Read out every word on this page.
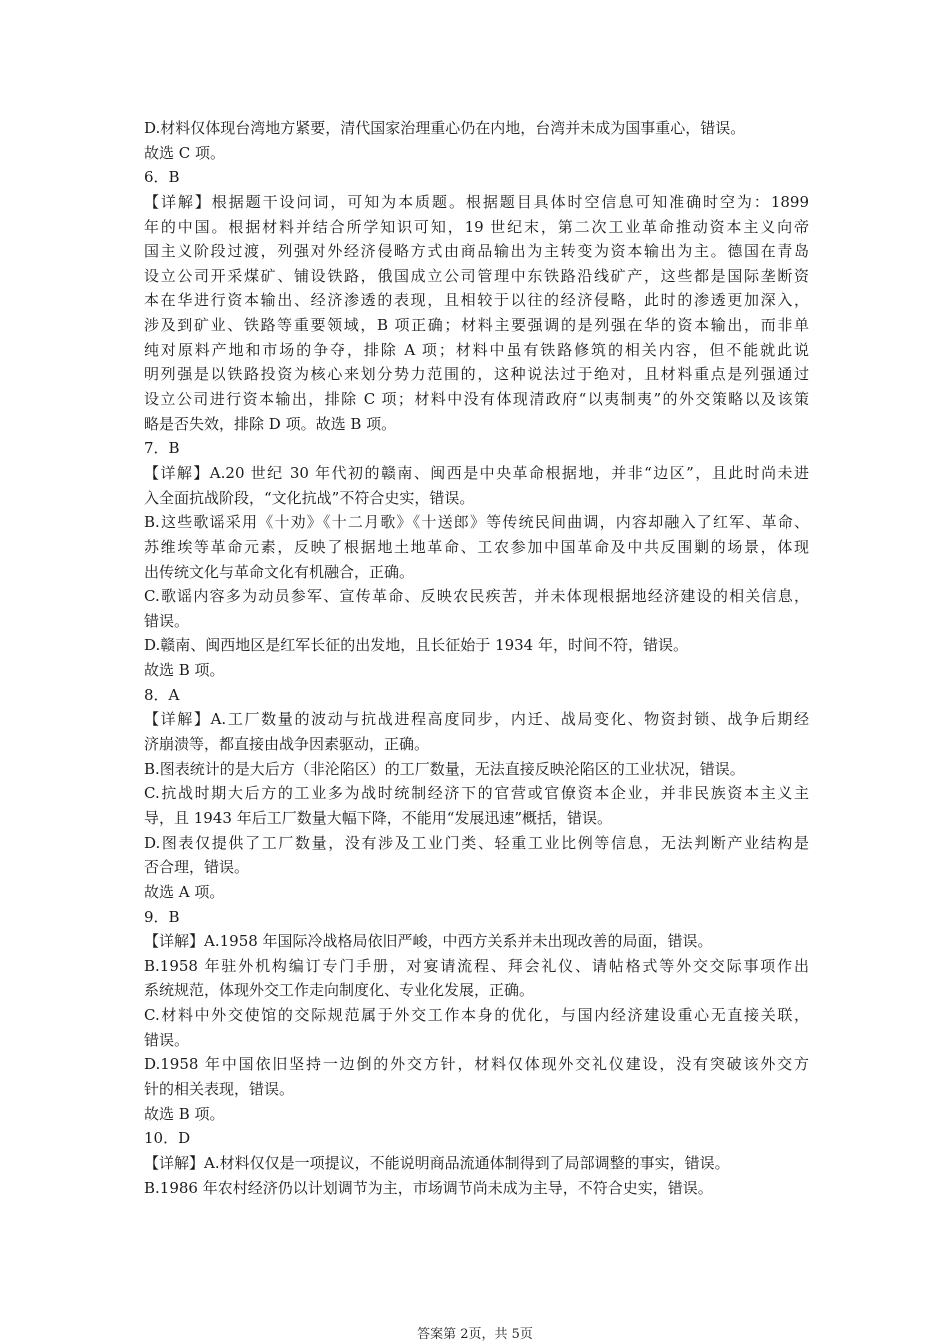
D.材料仅体现台湾地方紧要，清代国家治理重心仍在内地，台湾并未成为国事重心，错误。
故选 C 项。
6．B
【详解】根据题干设问词，可知为本质题。根据题目具体时空信息可知准确时空为：1899
年的中国。根据材料并结合所学知识可知，19 世纪末，第二次工业革命推动资本主义向帝
国主义阶段过渡，列强对外经济侵略方式由商品输出为主转变为资本输出为主。德国在青岛
设立公司开采煤矿、铺设铁路，俄国成立公司管理中东铁路沿线矿产，这些都是国际垄断资
本在华进行资本输出、经济渗透的表现，且相较于以往的经济侵略，此时的渗透更加深入，
涉及到矿业、铁路等重要领域，B 项正确；材料主要强调的是列强在华的资本输出，而非单
纯对原料产地和市场的争夺，排除 A 项；材料中虽有铁路修筑的相关内容，但不能就此说
明列强是以铁路投资为核心来划分势力范围的，这种说法过于绝对，且材料重点是列强通过
设立公司进行资本输出，排除 C 项；材料中没有体现清政府“以夷制夷”的外交策略以及该策
略是否失效，排除 D 项。故选 B 项。
7．B
【详解】A.20 世纪 30 年代初的赣南、闽西是中央革命根据地，并非“边区”，且此时尚未进
入全面抗战阶段，“文化抗战”不符合史实，错误。
B.这些歌谣采用《十劝》《十二月歌》《十送郎》等传统民间曲调，内容却融入了红军、革命、
苏维埃等革命元素，反映了根据地土地革命、工农参加中国革命及中共反围剿的场景，体现
出传统文化与革命文化有机融合，正确。
C.歌谣内容多为动员参军、宣传革命、反映农民疾苦，并未体现根据地经济建设的相关信息，
错误。
D.赣南、闽西地区是红军长征的出发地，且长征始于 1934 年，时间不符，错误。
故选 B 项。
8．A
【详解】A.工厂数量的波动与抗战进程高度同步，内迁、战局变化、物资封锁、战争后期经
济崩溃等，都直接由战争因素驱动，正确。
B.图表统计的是大后方（非沦陷区）的工厂数量，无法直接反映沦陷区的工业状况，错误。
C.抗战时期大后方的工业多为战时统制经济下的官营或官僚资本企业，并非民族资本主义主
导，且 1943 年后工厂数量大幅下降，不能用“发展迅速”概括，错误。
D.图表仅提供了工厂数量，没有涉及工业门类、轻重工业比例等信息，无法判断产业结构是
否合理，错误。
故选 A 项。
9．B
【详解】A.1958 年国际冷战格局依旧严峻，中西方关系并未出现改善的局面，错误。
B.1958 年驻外机构编订专门手册，对宴请流程、拜会礼仪、请帖格式等外交交际事项作出
系统规范，体现外交工作走向制度化、专业化发展，正确。
C.材料中外交使馆的交际规范属于外交工作本身的优化，与国内经济建设重心无直接关联，
错误。
D.1958 年中国依旧坚持一边倒的外交方针，材料仅体现外交礼仪建设，没有突破该外交方
针的相关表现，错误。
故选 B 项。
10．D
【详解】A.材料仅仅是一项提议，不能说明商品流通体制得到了局部调整的事实，错误。
B.1986 年农村经济仍以计划调节为主，市场调节尚未成为主导，不符合史实，错误。
答案第 2页，共 5页
